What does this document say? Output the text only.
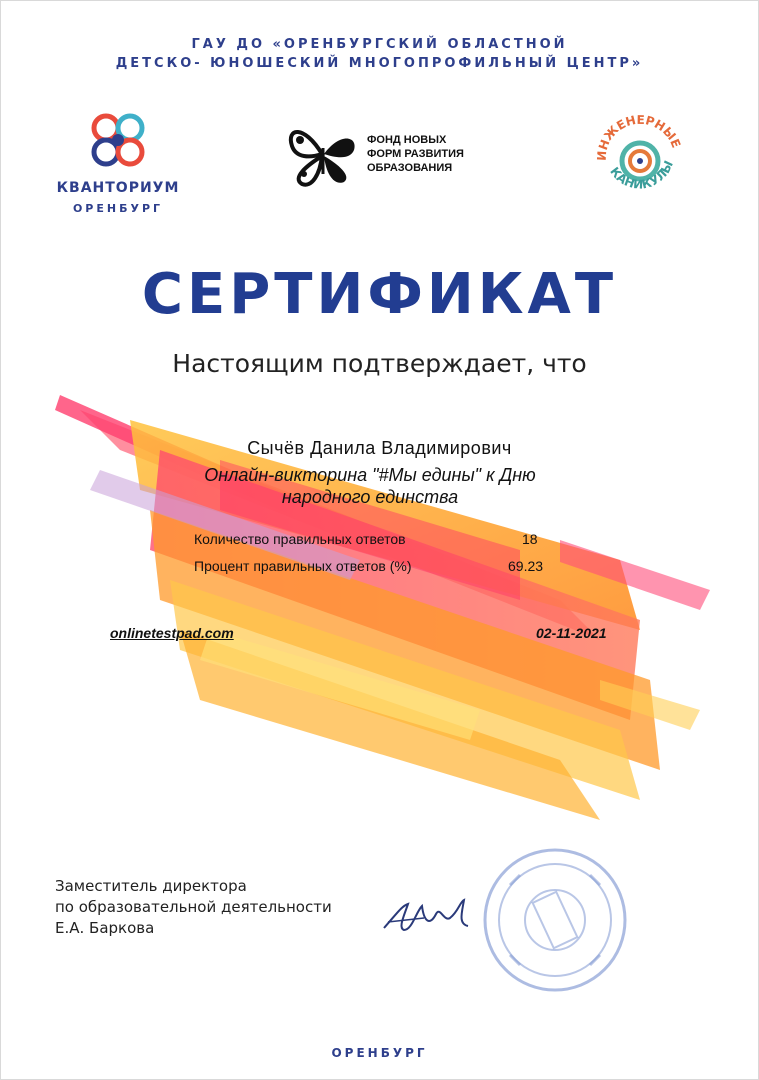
ГАУ ДО «ОРЕНБУРГСКИЙ ОБЛАСТНОЙ
ДЕТСКО- ЮНОШЕСКИЙ МНОГОПРОФИЛЬНЫЙ ЦЕНТР»
КВАНТОРИУМ
ОРЕНБУРГ
ФОНД НОВЫХ
ФОРМ РАЗВИТИЯ
ОБРАЗОВАНИЯ
ИНЖЕНЕРНЫЕ
КАНИКУЛЫ
СЕРТИФИКАТ
Настоящим подтверждает, что
Сычёв Данила Владимирович
Онлайн-викторина "#Мы едины" к Дню
народного единства
Количество правильных ответов	18
Процент правильных ответов (%)	69.23
onlinetestpad.com	02-11-2021
Заместитель директора
по образовательной деятельности
Е.А. Баркова
ОРЕНБУРГ
